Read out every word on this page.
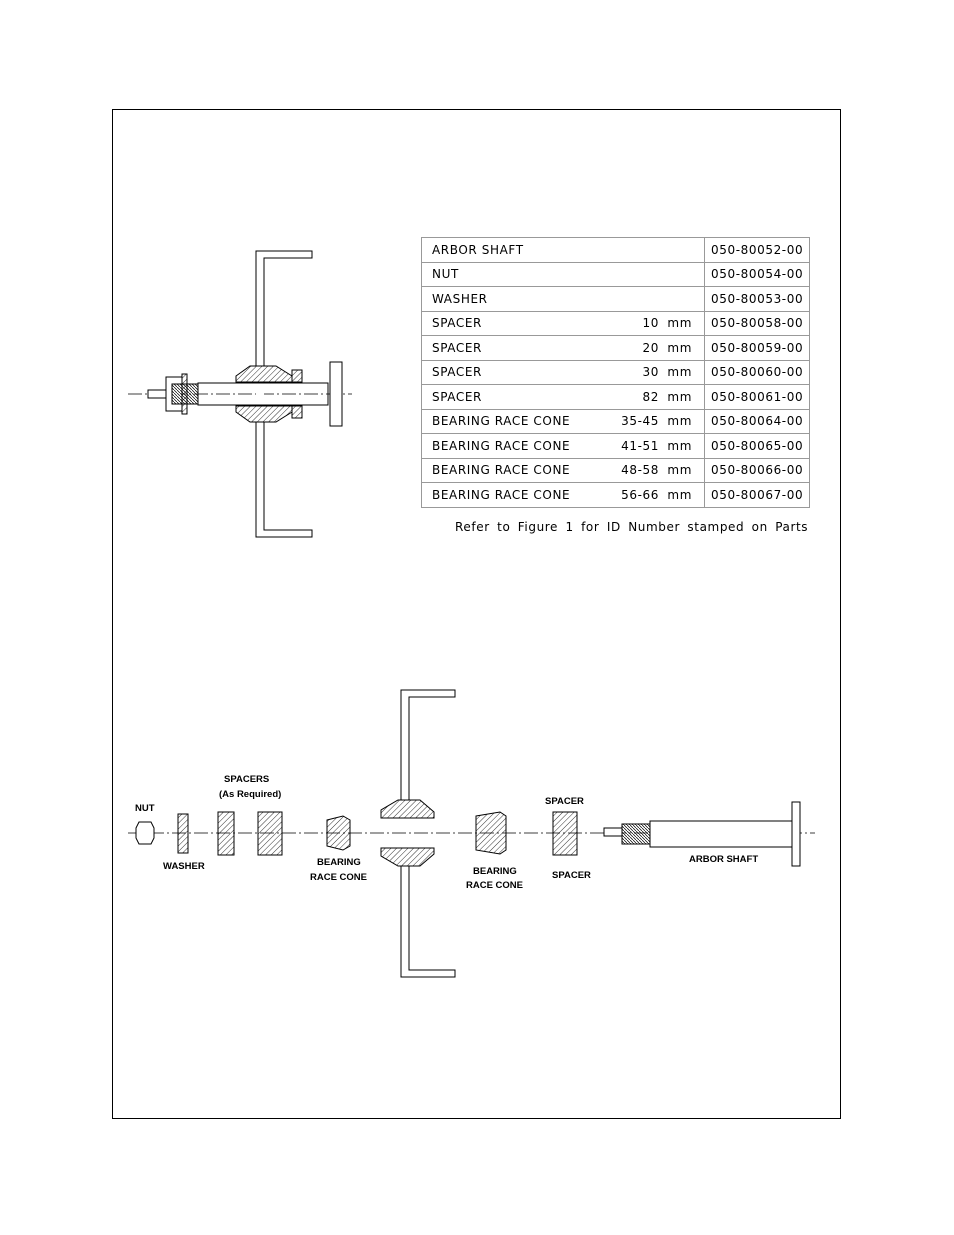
ARBOR SHAFT		050-80052-00
NUT		050-80054-00
WASHER		050-80053-00
SPACER	10 mm	050-80058-00
SPACER	20 mm	050-80059-00
SPACER	30 mm	050-80060-00
SPACER	82 mm	050-80061-00
BEARING RACE CONE	35-45 mm	050-80064-00
BEARING RACE CONE	41-51 mm	050-80065-00
BEARING RACE CONE	48-58 mm	050-80066-00
BEARING RACE CONE	56-66 mm	050-80067-00
Refer to Figure 1 for ID Number stamped on Parts
NUT
WASHER
SPACERS
(As Required)
BEARING
RACE CONE
BEARING
RACE CONE
SPACER
SPACER
ARBOR SHAFT
